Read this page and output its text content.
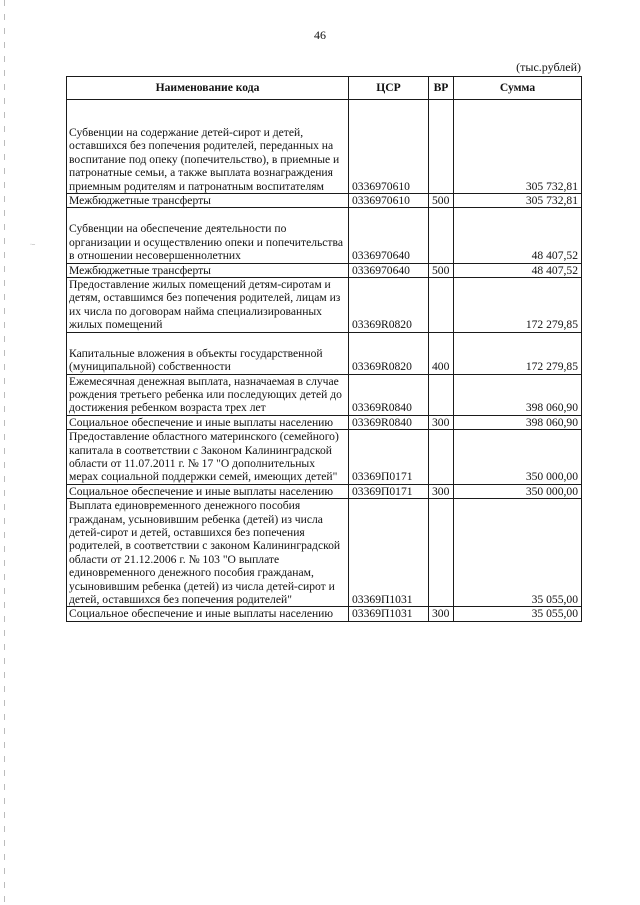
·–
46
(тыс.рублей)
Наименование кода	ЦСР	ВР	Сумма
Субвенции на содержание детей-сирот и детей, оставшихся без попечения родителей, переданных на воспитание под опеку (попечительство), в приемные и патронатные семьи, а также выплата вознаграждения приемным родителям и патронатным воспитателям	0336970610		305 732,81
Межбюджетные трансферты	0336970610	500	305 732,81
Субвенции на обеспечение деятельности по организации и осуществлению опеки и попечительства в отношении несовершеннолетних	0336970640		48 407,52
Межбюджетные трансферты	0336970640	500	48 407,52
Предоставление жилых помещений детям-сиротам и детям, оставшимся без попечения родителей, лицам из их числа по договорам найма специализированных жилых помещений	03369R0820		172 279,85
Капитальные вложения в объекты государственной (муниципальной) собственности	03369R0820	400	172 279,85
Ежемесячная денежная выплата, назначаемая в случае рождения третьего ребенка или последующих детей до достижения ребенком возраста трех лет	03369R0840		398 060,90
Социальное обеспечение и иные выплаты населению	03369R0840	300	398 060,90
Предоставление областного материнского (семейного) капитала в соответствии с Законом Калининградской области от 11.07.2011 г. № 17 "О дополнительных мерах социальной поддержки семей, имеющих детей"	03369П0171		350 000,00
Социальное обеспечение и иные выплаты населению	03369П0171	300	350 000,00
Выплата единовременного денежного пособия гражданам, усыновившим ребенка (детей) из числа детей-сирот и детей, оставшихся без попечения родителей, в соответствии с законом Калининградской области от 21.12.2006 г. № 103 "О выплате единовременного денежного пособия гражданам, усыновившим ребенка (детей) из числа детей-сирот и детей, оставшихся без попечения родителей"	03369П1031		35 055,00
Социальное обеспечение и иные выплаты населению	03369П1031	300	35 055,00
